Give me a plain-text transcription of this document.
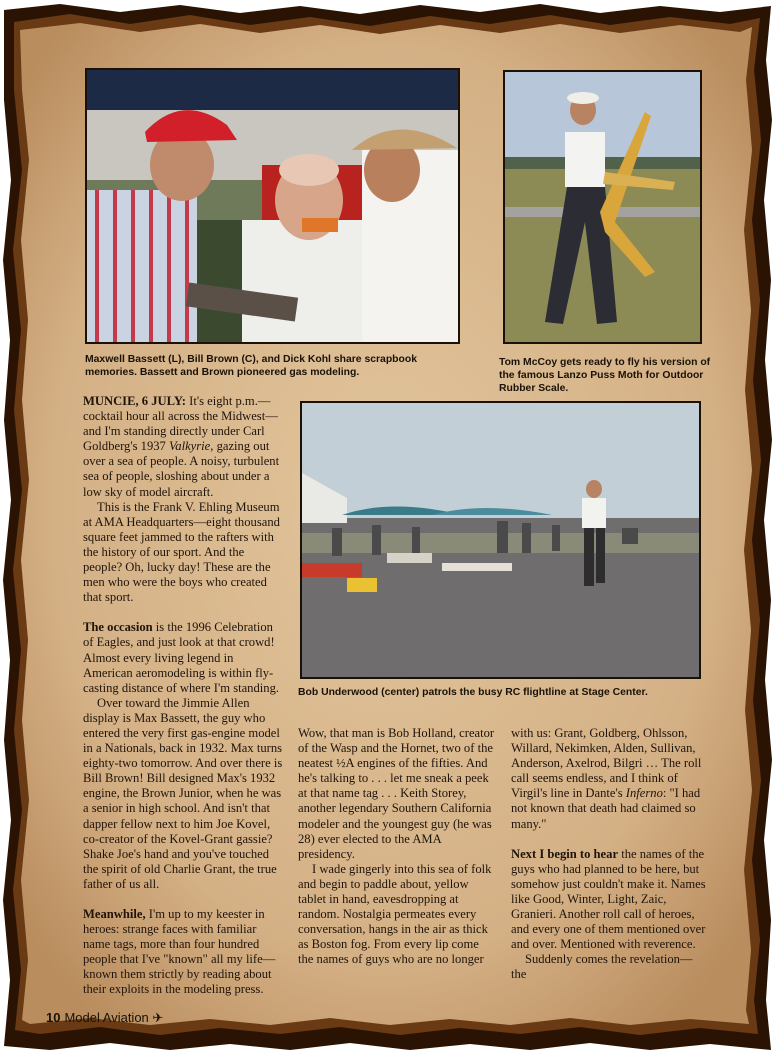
Maxwell Bassett (L), Bill Brown (C), and Dick Kohl share scrapbook memories. Bassett and Brown pioneered gas modeling.
Tom McCoy gets ready to fly his version of the famous Lanzo Puss Moth for Outdoor Rubber Scale.
Bob Underwood (center) patrols the busy RC flightline at Stage Center.

MUNCIE, 6 JULY: It's eight p.m.—cocktail hour all across the Midwest—and I'm standing directly under Carl Goldberg's 1937 Valkyrie, gazing out over a sea of people. A noisy, turbulent sea of people, sloshing about under a low sky of model aircraft.

This is the Frank V. Ehling Museum at AMA Headquarters—eight thousand square feet jammed to the rafters with the history of our sport. And the people? Oh, lucky day! These are the men who were the boys who created that sport.

The occasion is the 1996 Celebration of Eagles, and just look at that crowd! Almost every living legend in American aeromodeling is within fly-casting distance of where I'm standing.

Over toward the Jimmie Allen display is Max Bassett, the guy who entered the very first gas-engine model in a Nationals, back in 1932. Max turns eighty-two tomorrow. And over there is Bill Brown! Bill designed Max's 1932 engine, the Brown Junior, when he was a senior in high school. And isn't that dapper fellow next to him Joe Kovel, co-creator of the Kovel-Grant gassie? Shake Joe's hand and you've touched the spirit of old Charlie Grant, the true father of us all.

Meanwhile, I'm up to my keester in heroes: strange faces with familiar name tags, more than four hundred people that I've "known" all my life—known them strictly by reading about their exploits in the modeling press.

Wow, that man is Bob Holland, creator of the Wasp and the Hornet, two of the neatest ½A engines of the fifties. And he's talking to . . . let me sneak a peek at that name tag . . . Keith Storey, another legendary Southern California modeler and the youngest guy (he was 28) ever elected to the AMA presidency.

I wade gingerly into this sea of folk and begin to paddle about, yellow tablet in hand, eavesdropping at random. Nostalgia permeates every conversation, hangs in the air as thick as Boston fog. From every lip come the names of guys who are no longer

with us: Grant, Goldberg, Ohlsson, Willard, Nekimken, Alden, Sullivan, Anderson, Axelrod, Bilgri … The roll call seems endless, and I think of Virgil's line in Dante's Inferno: "I had not known that death had claimed so many."

Next I begin to hear the names of the guys who had planned to be here, but somehow just couldn't make it. Names like Good, Winter, Light, Zaic, Granieri. Another roll call of heroes, and every one of them mentioned over and over. Mentioned with reverence.

Suddenly comes the revelation—the

10 Model Aviation ✈
